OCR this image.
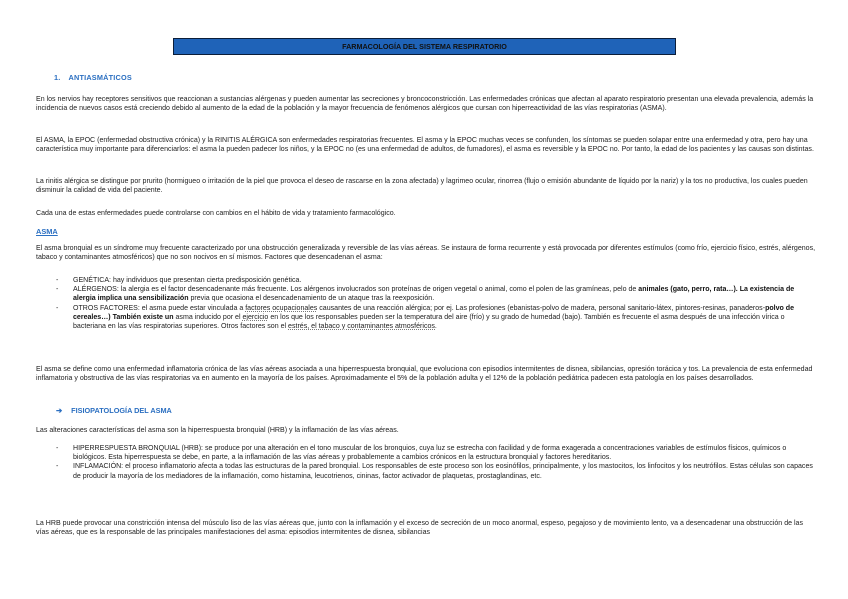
FARMACOLOGÍA DEL SISTEMA RESPIRATORIO
1. ANTIASMÁTICOS

En los nervios hay receptores sensitivos que reaccionan a sustancias alérgenas y pueden aumentar las secreciones y broncoconstricción. Las enfermedades crónicas que afectan al aparato respiratorio presentan una elevada prevalencia, además la incidencia de nuevos casos está creciendo debido al aumento de la edad de la población y la mayor frecuencia de fenómenos alérgicos que cursan con hiperreactividad de las vías respiratorias (ASMA).

El ASMA, la EPOC (enfermedad obstructiva crónica) y la RINITIS ALÉRGICA son enfermedades respiratorias frecuentes. El asma y la EPOC muchas veces se confunden, los síntomas se pueden solapar entre una enfermedad y otra, pero hay una característica muy importante para diferenciarlos: el asma la pueden padecer los niños, y la EPOC no (es una enfermedad de adultos, de fumadores), el asma es reversible y la EPOC no. Por tanto, la edad de los pacientes y las causas son distintas.

La rinitis alérgica se distingue por prurito (hormigueo o irritación de la piel que provoca el deseo de rascarse en la zona afectada) y lagrimeo ocular, rinorrea (flujo o emisión abundante de líquido por la nariz) y la tos no productiva, los cuales pueden disminuir la calidad de vida del paciente.

Cada una de estas enfermedades puede controlarse con cambios en el hábito de vida y tratamiento farmacológico.

ASMA

El asma bronquial es un síndrome muy frecuente caracterizado por una obstrucción generalizada y reversible de las vías aéreas. Se instaura de forma recurrente y está provocada por diferentes estímulos (como frío, ejercicio físico, estrés, alérgenos, tabaco y contaminantes atmosféricos) que no son nocivos en sí mismos. Factores que desencadenan el asma:

- GENÉTICA: hay individuos que presentan cierta predisposición genética.
- ALÉRGENOS: la alergia es el factor desencadenante más frecuente. Los alérgenos involucrados son proteínas de origen vegetal o animal, como el polen de las gramíneas, pelo de animales (gato, perro, rata…). La existencia de alergia implica una sensibilización previa que ocasiona el desencadenamiento de un ataque tras la reexposición.
- OTROS FACTORES: el asma puede estar vinculada a factores ocupacionales causantes de una reacción alérgica; por ej. Las profesiones (ebanistas-polvo de madera, personal sanitario-látex, pintores-resinas, panaderos-polvo de cereales…) También existe un asma inducido por el ejercicio en los que los responsables pueden ser la temperatura del aire (frío) y su grado de humedad (bajo). También es frecuente el asma después de una infección vírica o bacteriana en las vías respiratorias superiores. Otros factores son el estrés, el tabaco y contaminantes atmosféricos.

El asma se define como una enfermedad inflamatoria crónica de las vías aéreas asociada a una hiperrespuesta bronquial, que evoluciona con episodios intermitentes de disnea, sibilancias, opresión torácica y tos. La prevalencia de esta enfermedad inflamatoria y obstructiva de las vías respiratorias va en aumento en la mayoría de los países. Aproximadamente el 5% de la población adulta y el 12% de la población pediátrica padecen esta patología en los países desarrollados.

➔ FISIOPATOLOGÍA DEL ASMA

Las alteraciones características del asma son la hiperrespuesta bronquial (HRB) y la inflamación de las vías aéreas.

- HIPERRESPUESTA BRONQUIAL (HRB): se produce por una alteración en el tono muscular de los bronquios, cuya luz se estrecha con facilidad y de forma exagerada a concentraciones variables de estímulos físicos, químicos o biológicos. Esta hiperrespuesta se debe, en parte, a la inflamación de las vías aéreas y probablemente a cambios crónicos en la estructura bronquial y factores hereditarios.
- INFLAMACIÓN: el proceso inflamatorio afecta a todas las estructuras de la pared bronquial. Los responsables de este proceso son los eosinófilos, principalmente, y los mastocitos, los linfocitos y los neutrófilos. Estas células son capaces de producir la mayoría de los mediadores de la inflamación, como histamina, leucotrienos, cininas, factor activador de plaquetas, prostaglandinas, etc.

La HRB puede provocar una constricción intensa del músculo liso de las vías aéreas que, junto con la inflamación y el exceso de secreción de un moco anormal, espeso, pegajoso y de movimiento lento, va a desencadenar una obstrucción de las vías aéreas, que es la responsable de las principales manifestaciones del asma: episodios intermitentes de disnea, sibilancias
